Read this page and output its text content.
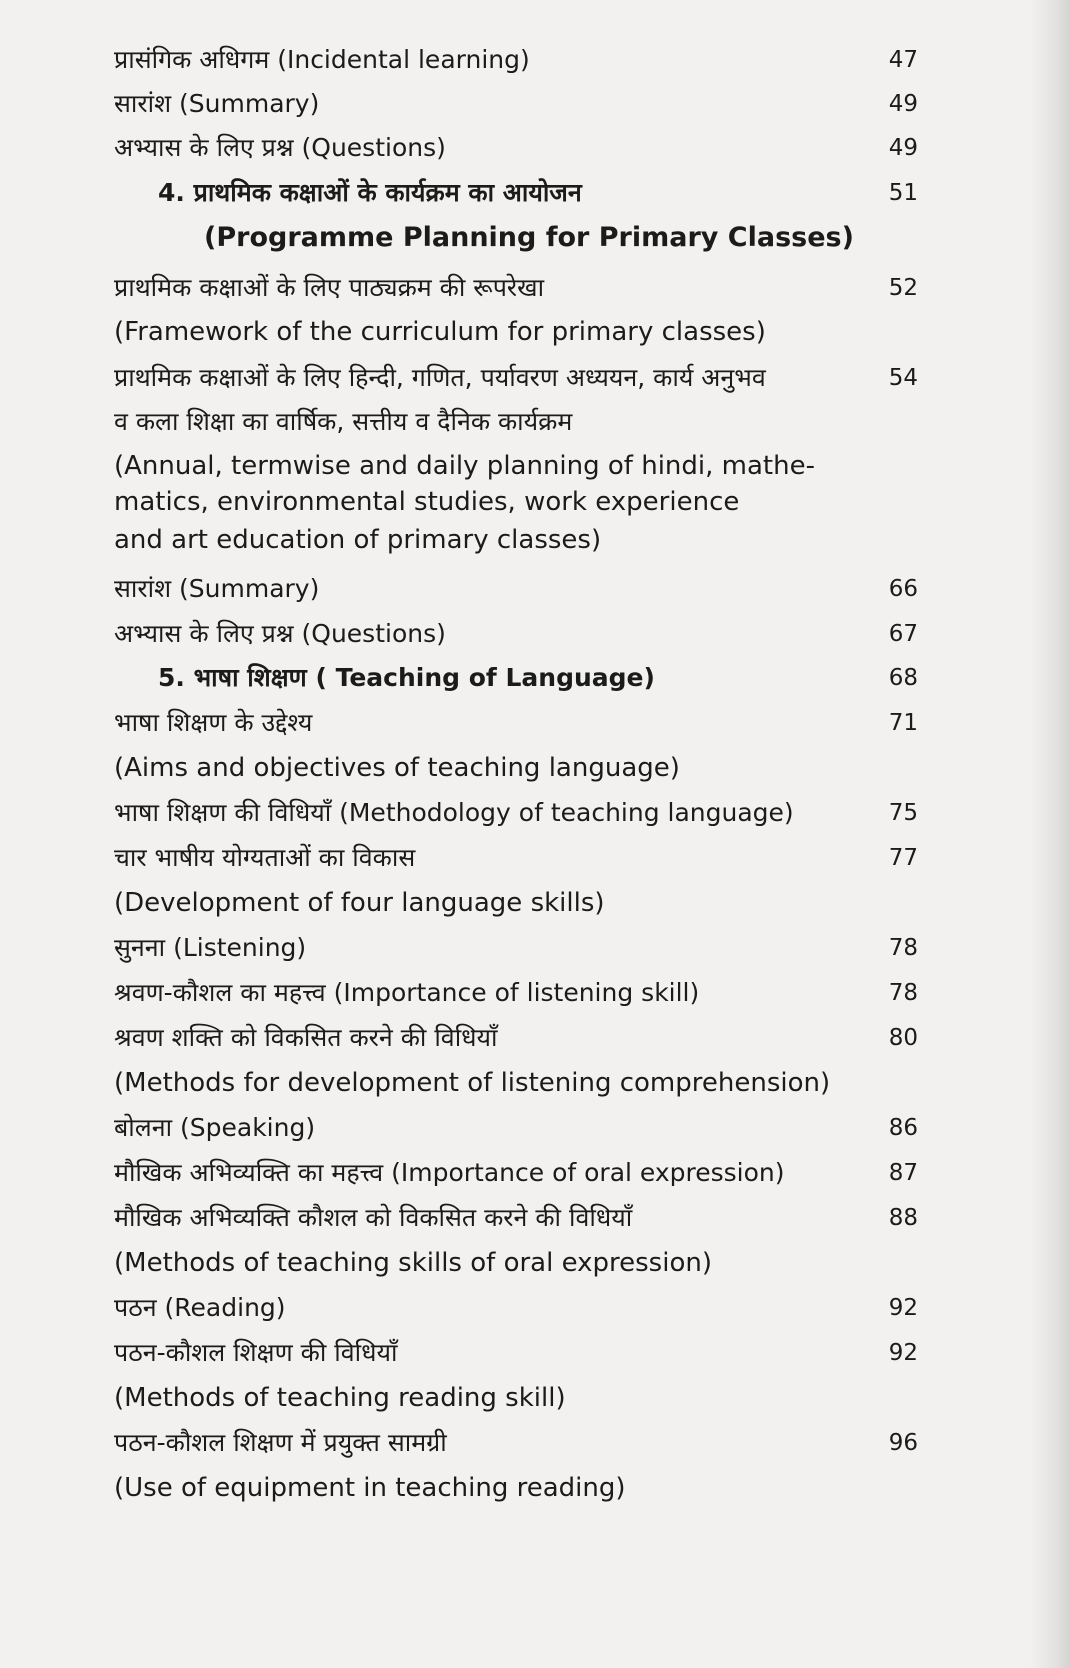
प्रासंगिक अधिगम (Incidental learning)	47
सारांश (Summary)	49
अभ्यास के लिए प्रश्न (Questions)	49
4. प्राथमिक कक्षाओं के कार्यक्रम का आयोजन	51
(Programme Planning for Primary Classes)
प्राथमिक कक्षाओं के लिए पाठ्यक्रम की रूपरेखा	52
(Framework of the curriculum for primary classes)
प्राथमिक कक्षाओं के लिए हिन्दी, गणित, पर्यावरण अध्ययन, कार्य अनुभव	54
व कला शिक्षा का वार्षिक, सत्तीय व दैनिक कार्यक्रम
(Annual, termwise and daily planning of hindi, mathe-
matics, environmental studies, work experience
and art education of primary classes)
सारांश (Summary)	66
अभ्यास के लिए प्रश्न (Questions)	67
5. भाषा शिक्षण ( Teaching of Language)	68
भाषा शिक्षण के उद्देश्य	71
(Aims and objectives of teaching language)
भाषा शिक्षण की विधियाँ (Methodology of teaching language)	75
चार भाषीय योग्यताओं का विकास	77
(Development of four language skills)
सुनना (Listening)	78
श्रवण-कौशल का महत्त्व (Importance of listening skill)	78
श्रवण शक्ति को विकसित करने की विधियाँ	80
(Methods for development of listening comprehension)
बोलना (Speaking)	86
मौखिक अभिव्यक्ति का महत्त्व (Importance of oral expression)	87
मौखिक अभिव्यक्ति कौशल को विकसित करने की विधियाँ	88
(Methods of teaching skills of oral expression)
पठन (Reading)	92
पठन-कौशल शिक्षण की विधियाँ	92
(Methods of teaching reading skill)
पठन-कौशल शिक्षण में प्रयुक्त सामग्री	96
(Use of equipment in teaching reading)
